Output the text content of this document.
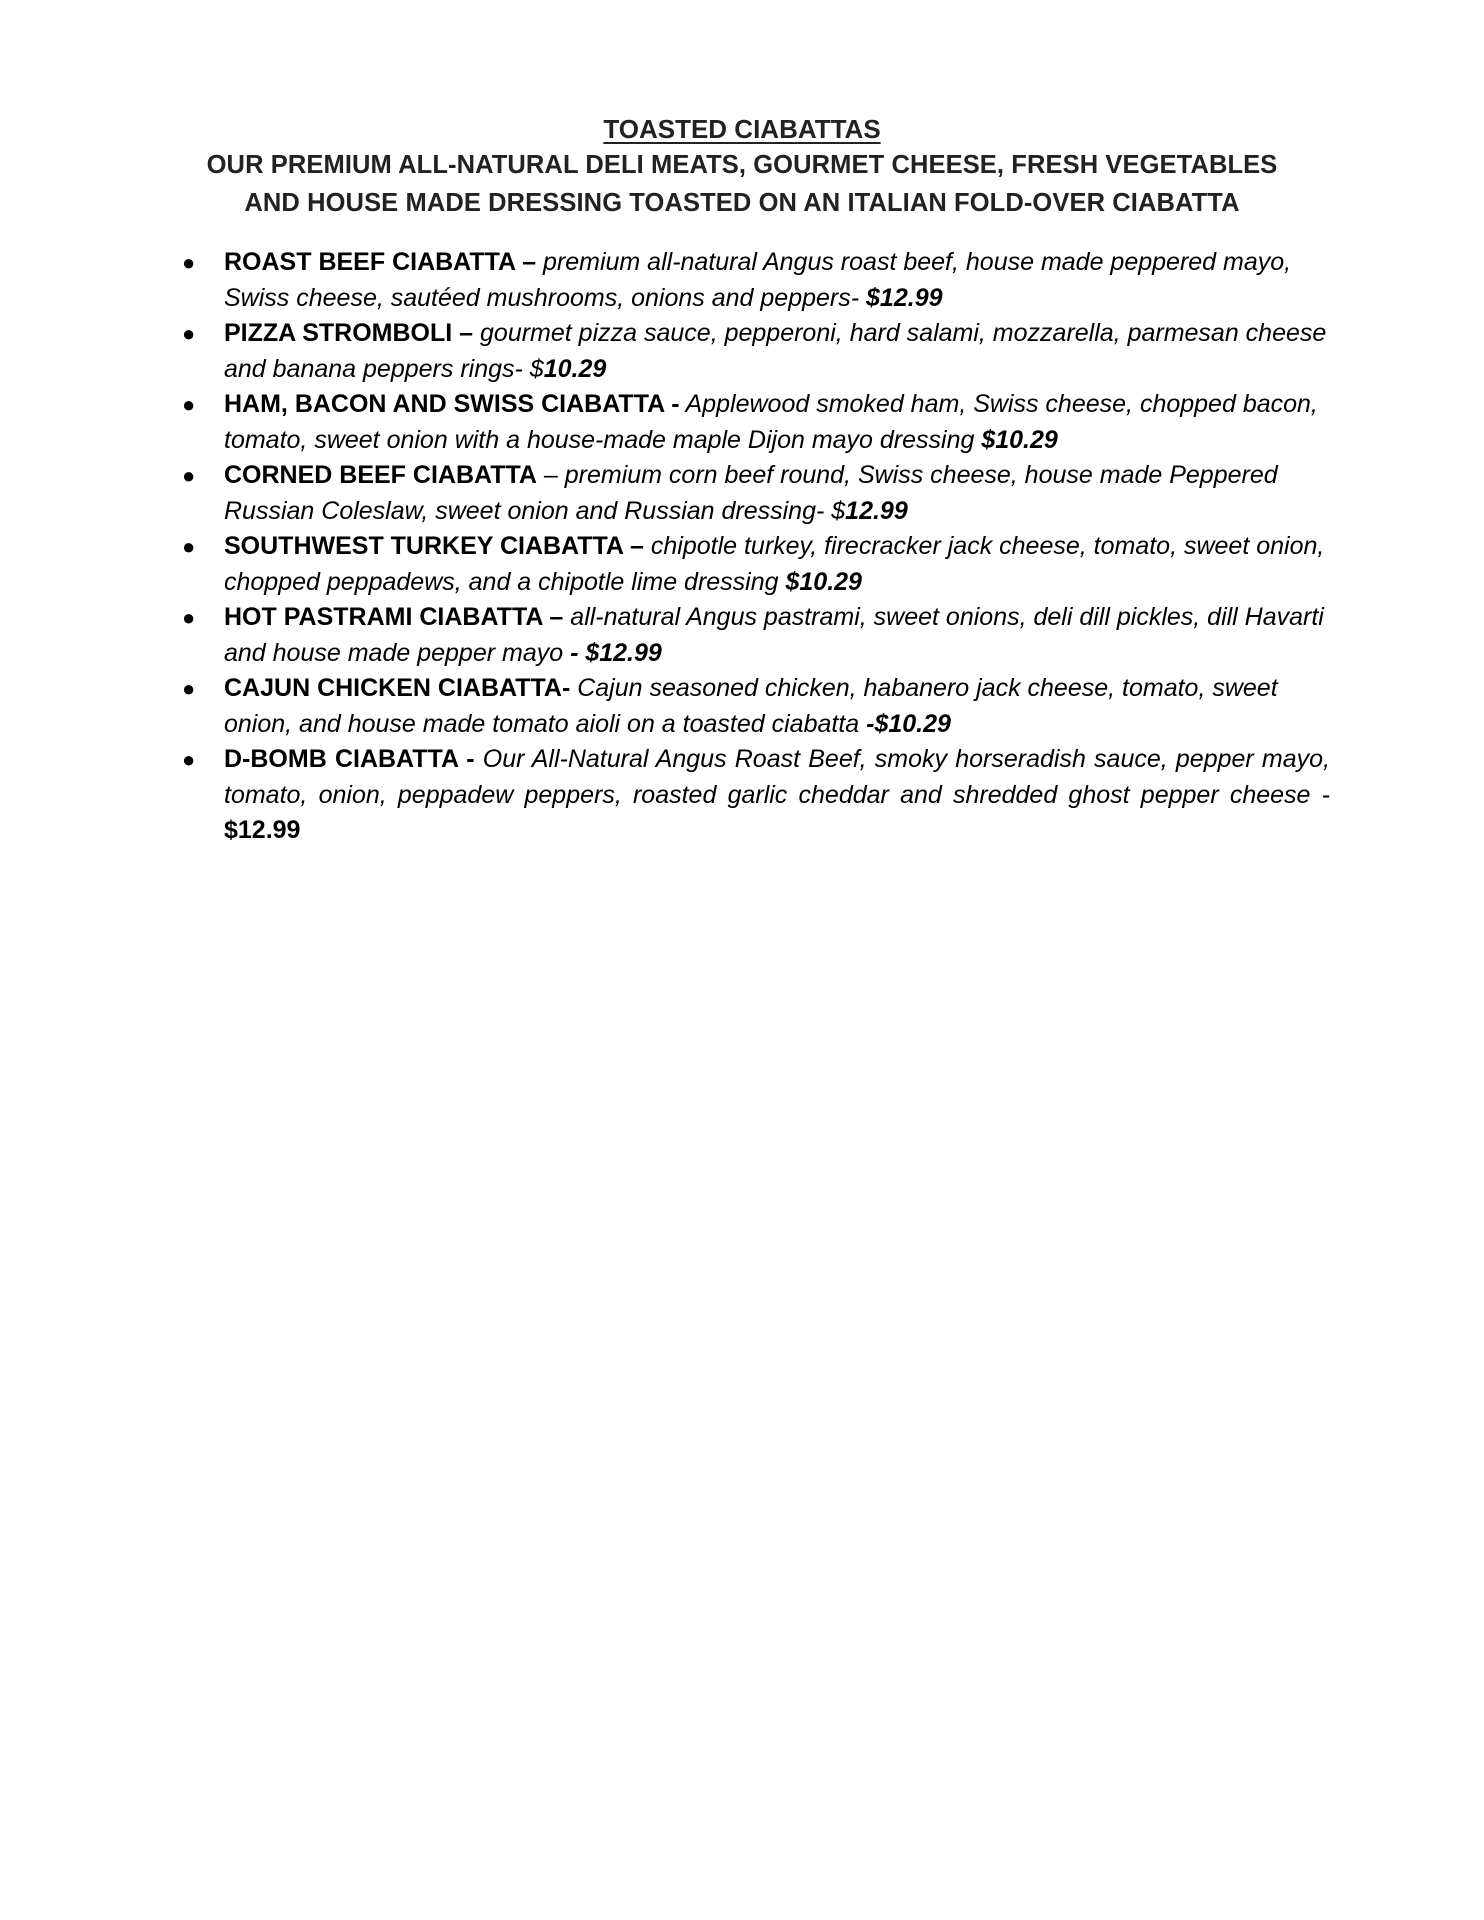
TOASTED CIABATTAS
OUR PREMIUM ALL-NATURAL DELI MEATS, GOURMET CHEESE, FRESH VEGETABLES
AND HOUSE MADE DRESSING TOASTED ON AN ITALIAN FOLD-OVER CIABATTA
● ROAST BEEF CIABATTA – premium all-natural Angus roast beef, house made peppered mayo, Swiss cheese, sautéed mushrooms, onions and peppers- $12.99
● PIZZA STROMBOLI – gourmet pizza sauce, pepperoni, hard salami, mozzarella, parmesan cheese and banana peppers rings- $10.29
● HAM, BACON AND SWISS CIABATTA - Applewood smoked ham, Swiss cheese, chopped bacon, tomato, sweet onion with a house-made maple Dijon mayo dressing $10.29
● CORNED BEEF CIABATTA – premium corn beef round, Swiss cheese, house made Peppered Russian Coleslaw, sweet onion and Russian dressing- $12.99
● SOUTHWEST TURKEY CIABATTA – chipotle turkey, firecracker jack cheese, tomato, sweet onion, chopped peppadews, and a chipotle lime dressing $10.29
● HOT PASTRAMI CIABATTA – all-natural Angus pastrami, sweet onions, deli dill pickles, dill Havarti and house made pepper mayo - $12.99
● CAJUN CHICKEN CIABATTA- Cajun seasoned chicken, habanero jack cheese, tomato, sweet onion, and house made tomato aioli on a toasted ciabatta -$10.29
● D-BOMB CIABATTA - Our All-Natural Angus Roast Beef, smoky horseradish sauce, pepper mayo, tomato, onion, peppadew peppers, roasted garlic cheddar and shredded ghost pepper cheese - $12.99
